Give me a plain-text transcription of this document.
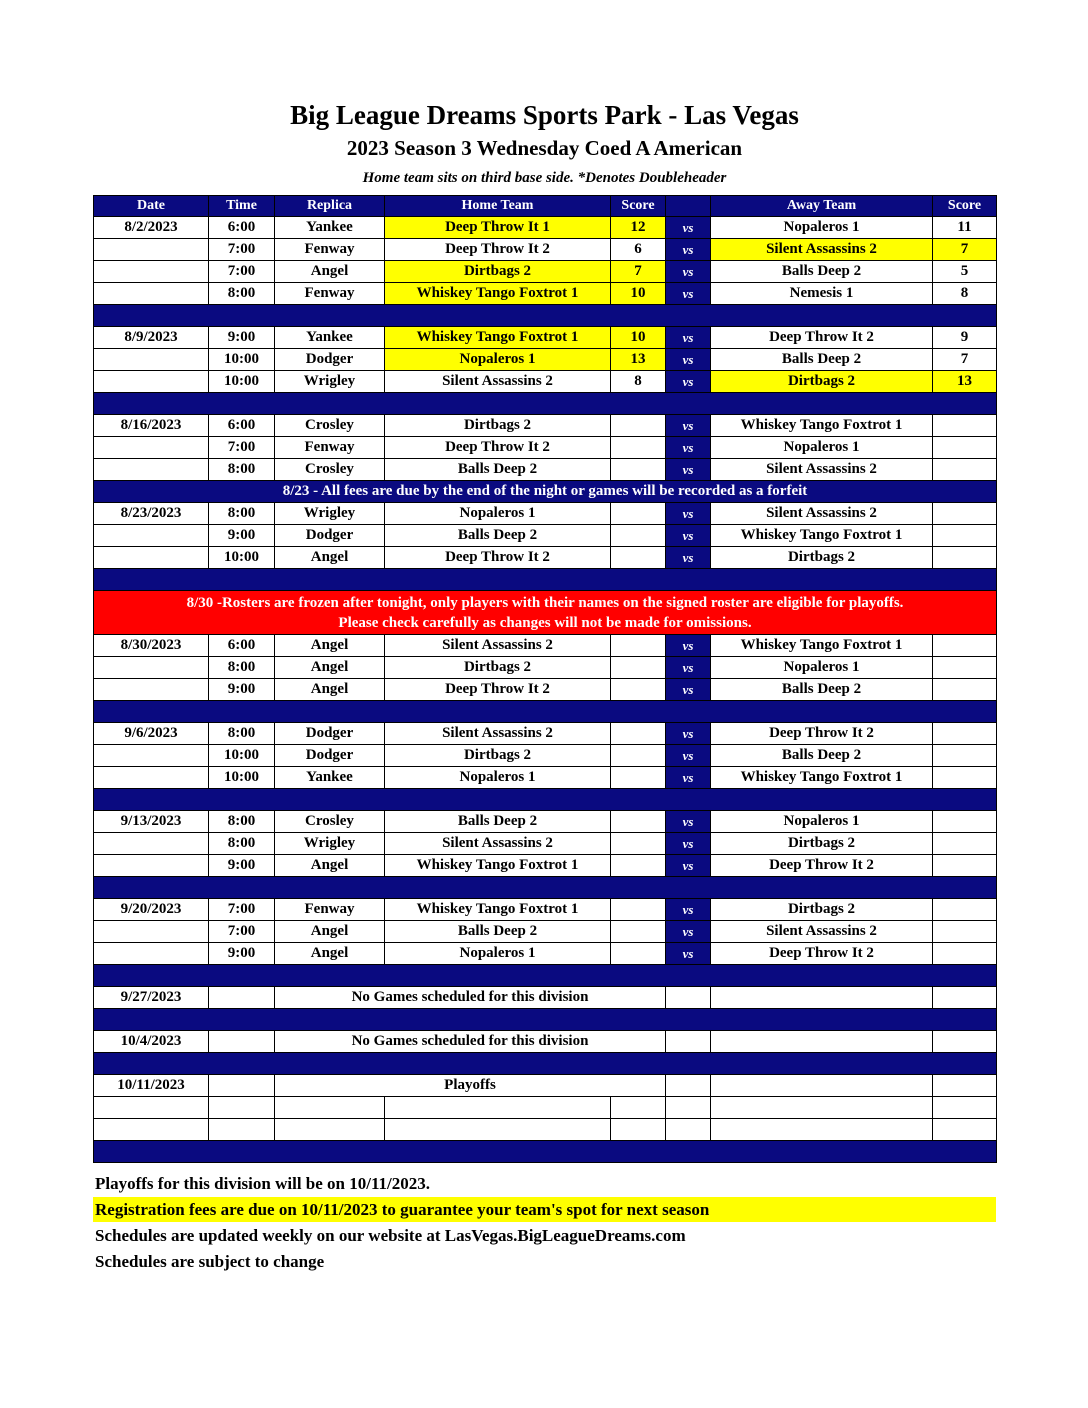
Big League Dreams Sports Park - Las Vegas
2023 Season 3 Wednesday Coed A American
Home team sits on third base side. *Denotes Doubleheader
Date	Time	Replica	Home Team	Score		Away Team	Score
8/2/2023	6:00	Yankee	Deep Throw It 1	12	vs	Nopaleros 1	11
	7:00	Fenway	Deep Throw It 2	6	vs	Silent Assassins 2	7
	7:00	Angel	Dirtbags 2	7	vs	Balls Deep 2	5
	8:00	Fenway	Whiskey Tango Foxtrot 1	10	vs	Nemesis 1	8

8/9/2023	9:00	Yankee	Whiskey Tango Foxtrot 1	10	vs	Deep Throw It 2	9
	10:00	Dodger	Nopaleros 1	13	vs	Balls Deep 2	7
	10:00	Wrigley	Silent Assassins 2	8	vs	Dirtbags 2	13

8/16/2023	6:00	Crosley	Dirtbags 2		vs	Whiskey Tango Foxtrot 1	
	7:00	Fenway	Deep Throw It 2		vs	Nopaleros 1	
	8:00	Crosley	Balls Deep 2		vs	Silent Assassins 2	
8/23 - All fees are due by the end of the night or games will be recorded as a forfeit							
8/23/2023	8:00	Wrigley	Nopaleros 1		vs	Silent Assassins 2	
	9:00	Dodger	Balls Deep 2		vs	Whiskey Tango Foxtrot 1	
	10:00	Angel	Deep Throw It 2		vs	Dirtbags 2	

8/30 -Rosters are frozen after tonight, only players with their names on the signed roster are eligible for playoffs.
Please check carefully as changes will not be made for omissions.							

8/30/2023	6:00	Angel	Silent Assassins 2		vs	Whiskey Tango Foxtrot 1	
	8:00	Angel	Dirtbags 2		vs	Nopaleros 1	
	9:00	Angel	Deep Throw It 2		vs	Balls Deep 2	

9/6/2023	8:00	Dodger	Silent Assassins 2		vs	Deep Throw It 2	
	10:00	Dodger	Dirtbags 2		vs	Balls Deep 2	
	10:00	Yankee	Nopaleros 1		vs	Whiskey Tango Foxtrot 1	

9/13/2023	8:00	Crosley	Balls Deep 2		vs	Nopaleros 1	
	8:00	Wrigley	Silent Assassins 2		vs	Dirtbags 2	
	9:00	Angel	Whiskey Tango Foxtrot 1		vs	Deep Throw It 2	

9/20/2023	7:00	Fenway	Whiskey Tango Foxtrot 1		vs	Dirtbags 2	
	7:00	Angel	Balls Deep 2		vs	Silent Assassins 2	
	9:00	Angel	Nopaleros 1		vs	Deep Throw It 2	

9/27/2023		No Games scheduled for this division					

10/4/2023		No Games scheduled for this division					

10/11/2023		Playoffs					

Playoffs for this division will be on 10/11/2023.
Registration fees are due on 10/11/2023 to guarantee your team's spot for next season
Schedules are updated weekly on our website at LasVegas.BigLeagueDreams.com
Schedules are subject to change
